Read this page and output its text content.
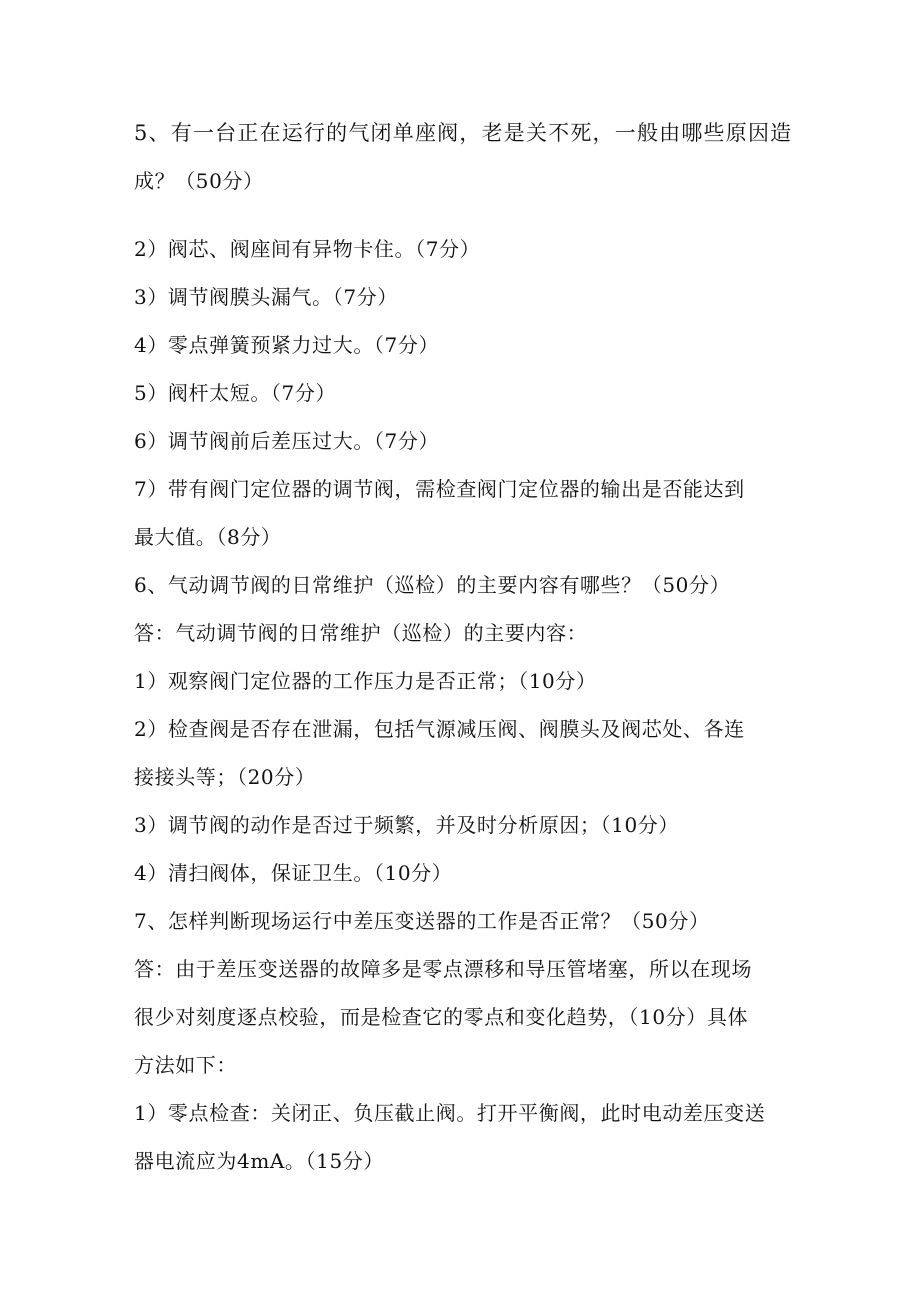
5、有一台正在运行的气闭单座阀，老是关不死，一般由哪些原因造
成？（50分）
2）阀芯、阀座间有异物卡住。（7分）
3）调节阀膜头漏气。（7分）
4）零点弹簧预紧力过大。（7分）
5）阀杆太短。（7分）
6）调节阀前后差压过大。（7分）
7）带有阀门定位器的调节阀，需检查阀门定位器的输出是否能达到
最大值。（8分）
6、气动调节阀的日常维护（巡检）的主要内容有哪些？（50分）
答：气动调节阀的日常维护（巡检）的主要内容：
1）观察阀门定位器的工作压力是否正常；（10分）
2）检查阀是否存在泄漏，包括气源减压阀、阀膜头及阀芯处、各连
接接头等；（20分）
3）调节阀的动作是否过于频繁，并及时分析原因；（10分）
4）清扫阀体，保证卫生。（10分）
7、怎样判断现场运行中差压变送器的工作是否正常？（50分）
答：由于差压变送器的故障多是零点漂移和导压管堵塞，所以在现场
很少对刻度逐点校验，而是检查它的零点和变化趋势，（10分）具体
方法如下：
1）零点检查：关闭正、负压截止阀。打开平衡阀，此时电动差压变送
器电流应为4mA。（15分）
